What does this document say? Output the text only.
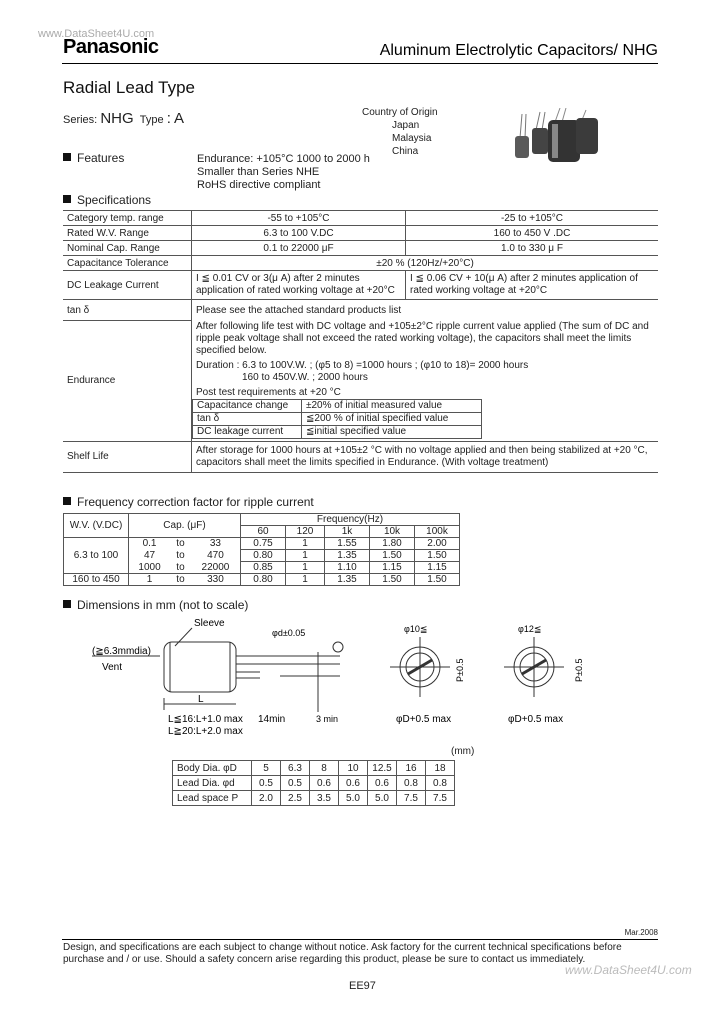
www.DataSheet4U.com
Panasonic	Aluminum Electrolytic Capacitors/ NHG
Radial Lead Type
Series: NHG Type : A	Country of Origin
Japan
Malaysia
China
Features	Endurance: +105°C 1000 to 2000 h
Smaller than Series NHE
RoHS directive compliant
Specifications
Category temp. range	-55 to +105°C	-25 to +105°C
Rated W.V. Range	6.3 to 100 V.DC	160 to 450 V .DC
Nominal Cap. Range	0.1 to 22000 μF	1.0 to 330 μ F
Capacitance Tolerance	±20 % (120Hz/+20°C)
DC Leakage Current	I ≦ 0.01 CV or 3(μ A) after 2 minutes application of rated working voltage at +20°C	I ≦ 0.06 CV + 10(μ A) after 2 minutes application of rated working voltage at +20°C
tan δ	Please see the attached standard products list
Endurance	
After following life test with DC voltage and +105±2°C ripple current value applied (The sum of DC and ripple peak voltage shall not exceed the rated working voltage), the capacitors shall meet the limits specified below.
Duration : 6.3 to 100V.W. ; (φ5 to 8) =1000 hours ; (φ10 to 18)= 2000 hours
160 to 450V.W. ; 2000 hours
Post test requirements at +20 °C
Capacitance change	±20% of initial measured value
tan δ	≦200 % of initial specified value
DC leakage current	≦initial specified value

Shelf Life	After storage for 1000 hours at +105±2 °C with no voltage applied and then being stabilized at +20 °C, capacitors shall meet the limits specified in Endurance. (With voltage treatment)
Frequency correction factor for ripple current
W.V. (V.DC)	Cap. (μF)			Frequency(Hz)				
				60	120	1k	10k	100k
6.3 to 100	0.1	to	33	0.75	1	1.55	1.80	2.00
	47	to	470	0.80	1	1.35	1.50	1.50
	1000	to	22000	0.85	1	1.10	1.15	1.15
160 to 450	1	to	330	0.80	1	1.35	1.50	1.50
Dimensions in mm (not to scale)
Sleeve
(≧6.3mmdia)
Vent
φd±0.05
L
L≦16:L+1.0 max
L≧20:L+2.0 max
14min	3 min
φ10≦
P±0.5
φD+0.5 max
φ12≦
P±0.5
φD+0.5 max
(mm)
Body Dia. φD	5	6.3	8	10	12.5	16	18
Lead Dia. φd	0.5	0.5	0.6	0.6	0.6	0.8	0.8
Lead space P	2.0	2.5	3.5	5.0	5.0	7.5	7.5
Mar.2008
Design, and specifications are each subject to change without notice. Ask factory for the current technical specifications before purchase and / or use. Should a safety concern arise regarding this product, please be sure to contact us immediately.
www.DataSheet4U.com
EE97
